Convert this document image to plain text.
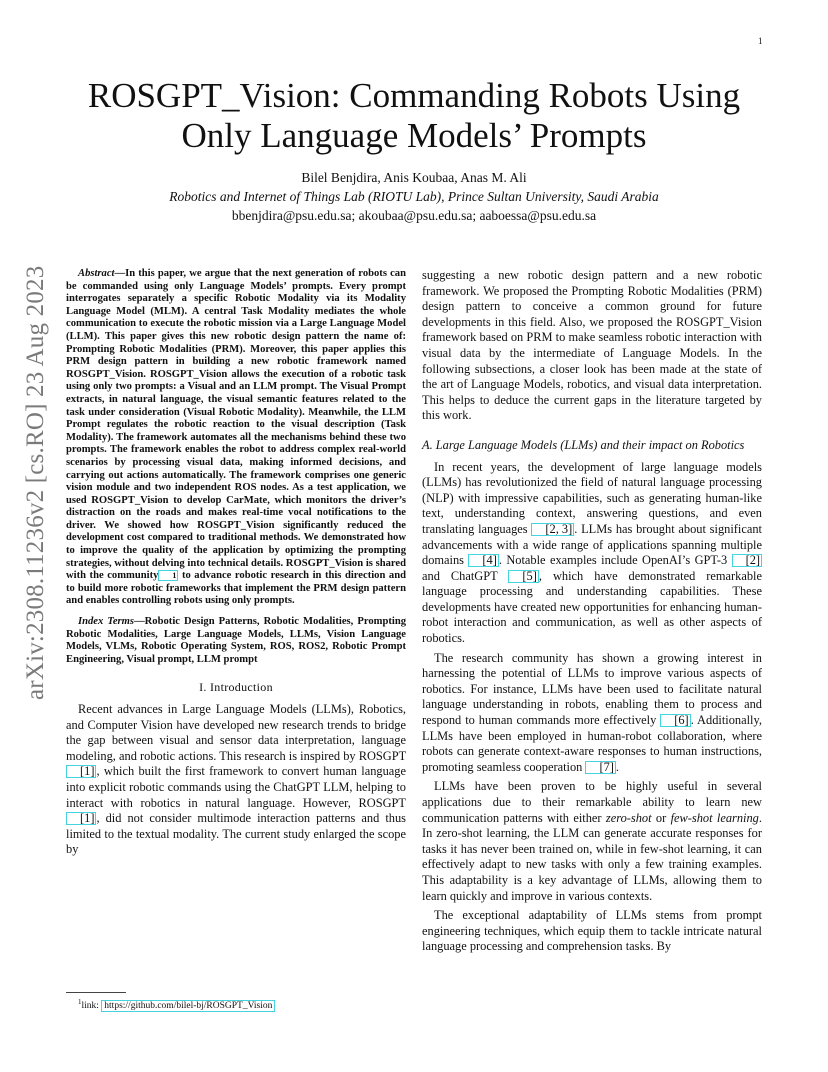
1
arXiv:2308.11236v2 [cs.RO] 23 Aug 2023
ROSGPT_Vision: Commanding Robots Using Only Language Models’ Prompts
Bilel Benjdira, Anis Koubaa, Anas M. Ali
Robotics and Internet of Things Lab (RIOTU Lab), Prince Sultan University, Saudi Arabia
bbenjdira@psu.edu.sa; akoubaa@psu.edu.sa; aaboessa@psu.edu.sa

Abstract—In this paper, we argue that the next generation of robots can be commanded using only Language Models’ prompts. Every prompt interrogates separately a specific Robotic Modality via its Modality Language Model (MLM). A central Task Modality mediates the whole communication to execute the robotic mission via a Large Language Model (LLM). This paper gives this new robotic design pattern the name of: Prompting Robotic Modalities (PRM). Moreover, this paper applies this PRM design pattern in building a new robotic framework named ROSGPT_Vision. ROSGPT_Vision allows the execution of a robotic task using only two prompts: a Visual and an LLM prompt. The Visual Prompt extracts, in natural language, the visual semantic features related to the task under consideration (Visual Robotic Modality). Meanwhile, the LLM Prompt regulates the robotic reaction to the visual description (Task Modality). The framework automates all the mechanisms behind these two prompts. The framework enables the robot to address complex real-world scenarios by processing visual data, making informed decisions, and carrying out actions automatically. The framework comprises one generic vision module and two independent ROS nodes. As a test application, we used ROSGPT_Vision to develop CarMate, which monitors the driver’s distraction on the roads and makes real-time vocal notifications to the driver. We showed how ROSGPT_Vision significantly reduced the development cost compared to traditional methods. We demonstrated how to improve the quality of the application by optimizing the prompting strategies, without delving into technical details. ROSGPT_Vision is shared with the community 1 to advance robotic research in this direction and to build more robotic frameworks that implement the PRM design pattern and enables controlling robots using only prompts.

Index Terms—Robotic Design Patterns, Robotic Modalities, Prompting Robotic Modalities, Large Language Models, LLMs, Vision Language Models, VLMs, Robotic Operating System, ROS, ROS2, Robotic Prompt Engineering, Visual prompt, LLM prompt

I. Introduction

Recent advances in Large Language Models (LLMs), Robotics, and Computer Vision have developed new research trends to bridge the gap between visual and sensor data interpretation, language modeling, and robotic actions. This research is inspired by ROSGPT [1] , which built the first framework to convert human language into explicit robotic commands using the ChatGPT LLM, helping to interact with robotics in natural language. However, ROSGPT [1] , did not consider multimode interaction patterns and thus limited to the textual modality. The current study enlarged the scope by

suggesting a new robotic design pattern and a new robotic framework. We proposed the Prompting Robotic Modalities (PRM) design pattern to conceive a common ground for future developments in this field. Also, we proposed the ROSGPT_Vision framework based on PRM to make seamless robotic interaction with visual data by the intermediate of Language Models. In the following subsections, a closer look has been made at the state of the art of Language Models, robotics, and visual data interpretation. This helps to deduce the current gaps in the literature targeted by this work.

A. Large Language Models (LLMs) and their impact on Robotics

In recent years, the development of large language models (LLMs) has revolutionized the field of natural language processing (NLP) with impressive capabilities, such as generating human-like text, understanding context, answering questions, and even translating languages [2, 3] . LLMs has brought about significant advancements with a wide range of applications spanning multiple domains [4] . Notable examples include OpenAI’s GPT-3 [2] and ChatGPT [5] , which have demonstrated remarkable language processing and understanding capabilities. These developments have created new opportunities for enhancing human-robot interaction and communication, as well as other aspects of robotics.

The research community has shown a growing interest in harnessing the potential of LLMs to improve various aspects of robotics. For instance, LLMs have been used to facilitate natural language understanding in robots, enabling them to process and respond to human commands more effectively [6] . Additionally, LLMs have been employed in human-robot collaboration, where robots can generate context-aware responses to human instructions, promoting seamless cooperation [7] .

LLMs have been proven to be highly useful in several applications due to their remarkable ability to learn new communication patterns with either zero-shot or few-shot learning. In zero-shot learning, the LLM can generate accurate responses for tasks it has never been trained on, while in few-shot learning, it can effectively adapt to new tasks with only a few training examples. This adaptability is a key advantage of LLMs, allowing them to learn quickly and improve in various contexts.

The exceptional adaptability of LLMs stems from prompt engineering techniques, which equip them to tackle intricate natural language processing and comprehension tasks. By

$^1$link: https://github.com/bilel-bj/ROSGPT_Vision
